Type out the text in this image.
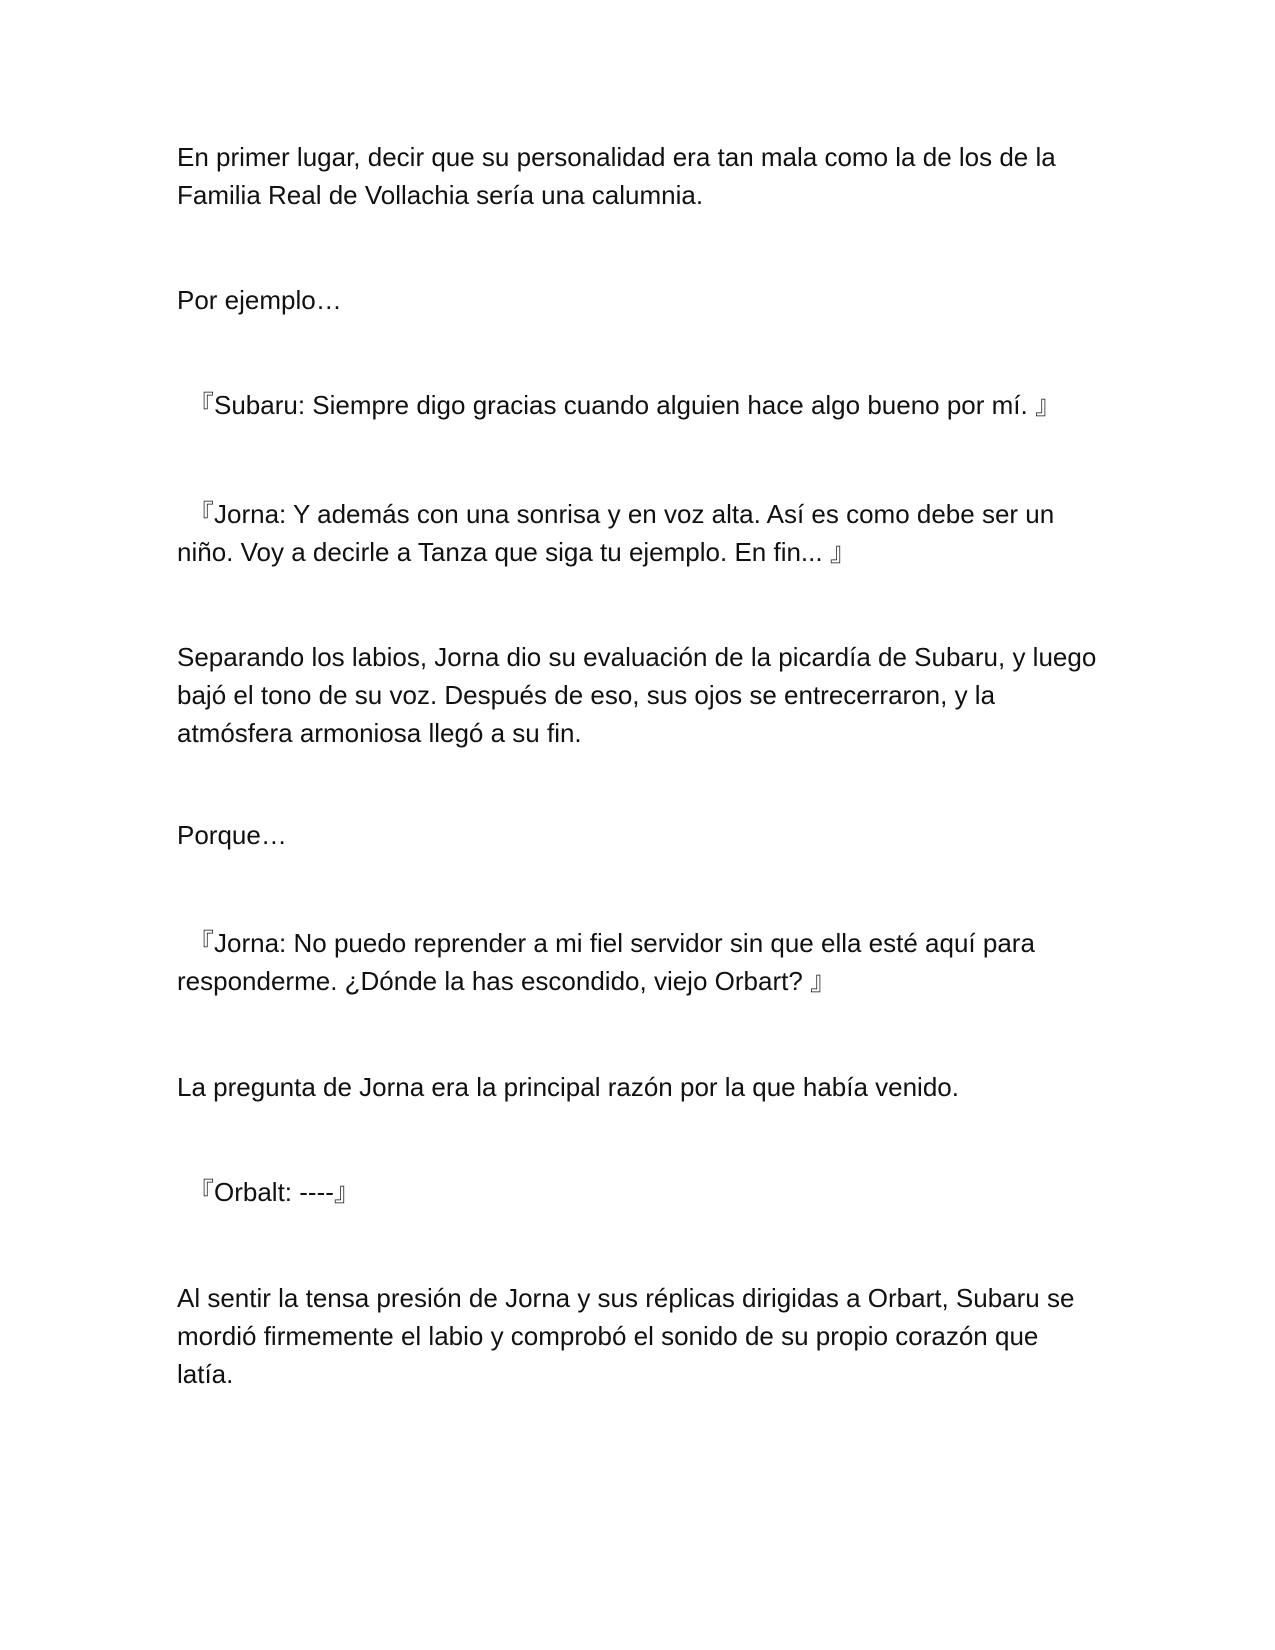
En primer lugar, decir que su personalidad era tan mala como la de los de la Familia Real de Vollachia sería una calumnia.

Por ejemplo…

『Subaru: Siempre digo gracias cuando alguien hace algo bueno por mí. 』

『Jorna: Y además con una sonrisa y en voz alta. Así es como debe ser un niño. Voy a decirle a Tanza que siga tu ejemplo. En fin... 』

Separando los labios, Jorna dio su evaluación de la picardía de Subaru, y luego bajó el tono de su voz. Después de eso, sus ojos se entrecerraron, y la atmósfera armoniosa llegó a su fin.

Porque…

『Jorna: No puedo reprender a mi fiel servidor sin que ella esté aquí para responderme. ¿Dónde la has escondido, viejo Orbart? 』

La pregunta de Jorna era la principal razón por la que había venido.

『Orbalt: ----』

Al sentir la tensa presión de Jorna y sus réplicas dirigidas a Orbart, Subaru se mordió firmemente el labio y comprobó el sonido de su propio corazón que latía.
